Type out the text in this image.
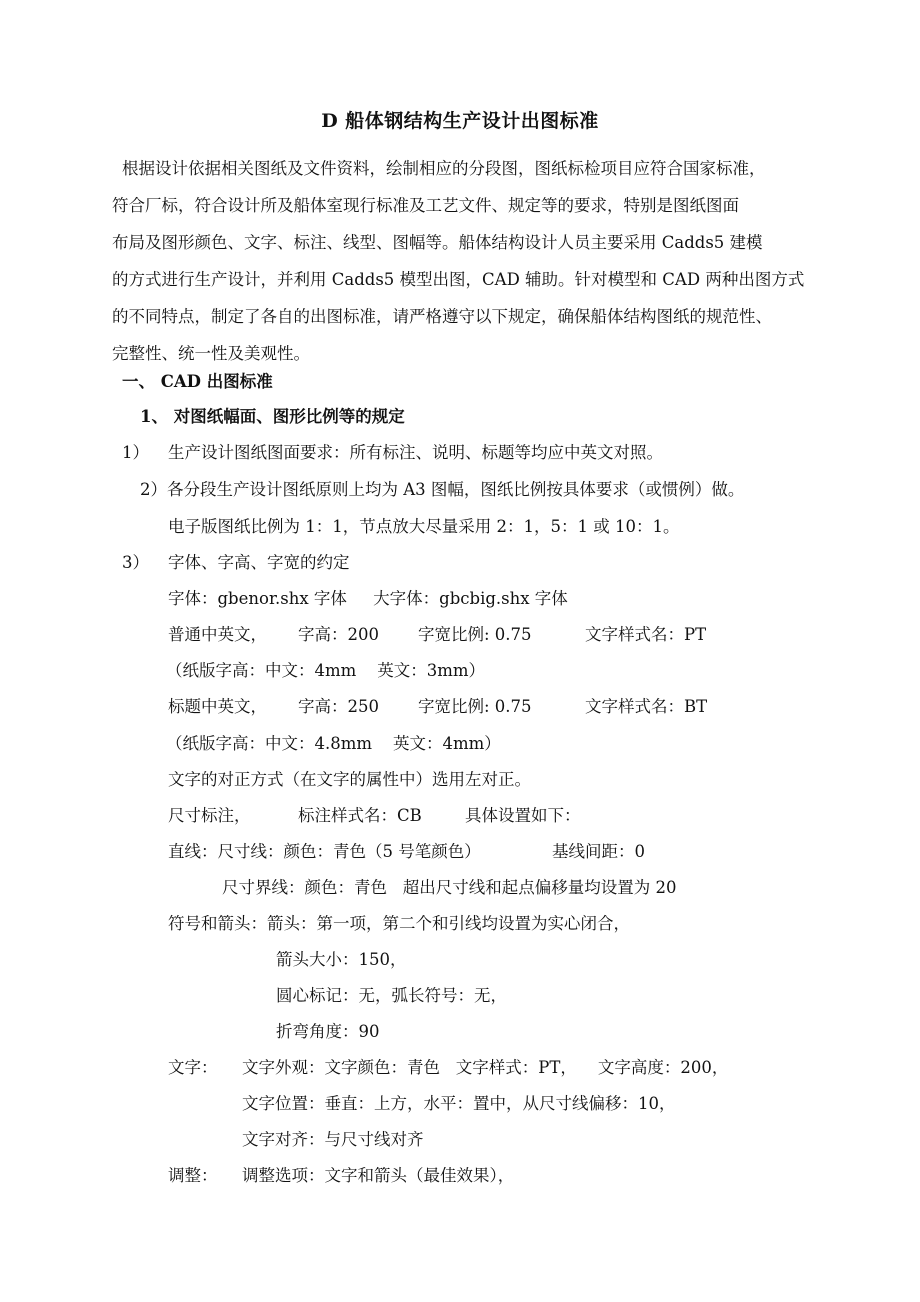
D 船体钢结构生产设计出图标准
根据设计依据相关图纸及文件资料，绘制相应的分段图，图纸标检项目应符合国家标准，
符合厂标，符合设计所及船体室现行标准及工艺文件、规定等的要求，特别是图纸图面
布局及图形颜色、文字、标注、线型、图幅等。船体结构设计人员主要采用 Cadds5 建模
的方式进行生产设计，并利用 Cadds5 模型出图，CAD 辅助。针对模型和 CAD 两种出图方式
的不同特点，制定了各自的出图标准，请严格遵守以下规定，确保船体结构图纸的规范性、
完整性、统一性及美观性。
一、 CAD 出图标准
1、 对图纸幅面、图形比例等的规定
1） 生产设计图纸图面要求：所有标注、说明、标题等均应中英文对照。
2）各分段生产设计图纸原则上均为 A3 图幅，图纸比例按具体要求（或惯例）做。
电子版图纸比例为 1：1，节点放大尽量采用 2：1，5：1 或 10：1。
3） 字体、字高、字宽的约定
字体：gbenor.shx 字体     大字体：gbcbig.shx 字体
普通中英文， 字高：200 字宽比例: 0.75	文字样式名：PT
（纸版字高：中文：4mm    英文：3mm）
标题中英文， 字高：250 字宽比例: 0.75	文字样式名：BT
（纸版字高：中文：4.8mm    英文：4mm）
文字的对正方式（在文字的属性中）选用左对正。
尺寸标注，	标注样式名：CB	具体设置如下：
直线：尺寸线：颜色：青色（5 号笔颜色）	基线间距：0
尺寸界线：颜色：青色   超出尺寸线和起点偏移量均设置为 20
符号和箭头：箭头：第一项，第二个和引线均设置为实心闭合，
箭头大小：150，
圆心标记：无，弧长符号：无，
折弯角度：90
文字： 文字外观：文字颜色：青色   文字样式：PT，    文字高度：200，
文字位置：垂直：上方，水平：置中，从尺寸线偏移：10，
文字对齐：与尺寸线对齐
调整： 调整选项：文字和箭头（最佳效果），
